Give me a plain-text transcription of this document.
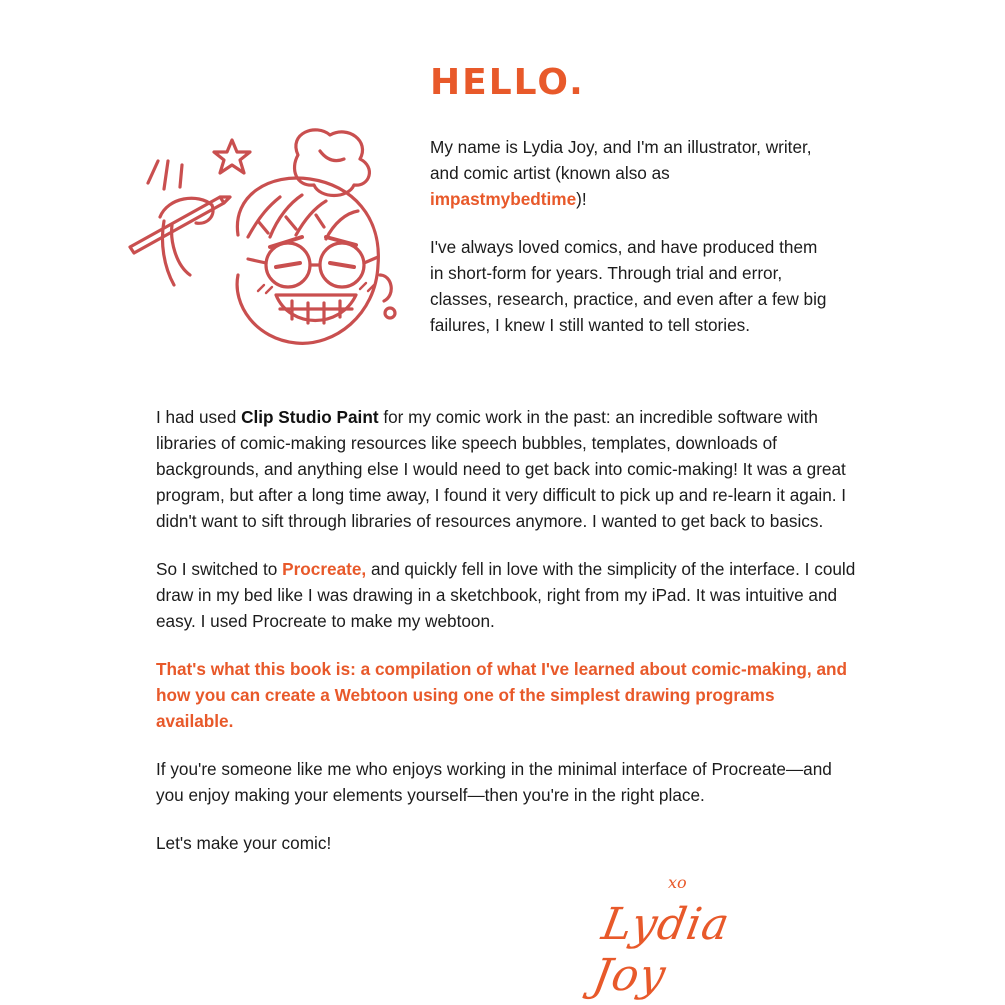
HELLO.

My name is Lydia Joy, and I'm an illustrator, writer, and comic artist (known also as impastmybedtime)!

I've always loved comics, and have produced them in short-form for years. Through trial and error, classes, research, practice, and even after a few big failures, I knew I still wanted to tell stories.

I had used Clip Studio Paint for my comic work in the past: an incredible software with libraries of comic-making resources like speech bubbles, templates, downloads of backgrounds, and anything else I would need to get back into comic-making! It was a great program, but after a long time away, I found it very difficult to pick up and re-learn it again. I didn't want to sift through libraries of resources anymore. I wanted to get back to basics.

So I switched to Procreate, and quickly fell in love with the simplicity of the interface. I could draw in my bed like I was drawing in a sketchbook, right from my iPad. It was intuitive and easy. I used Procreate to make my webtoon.

That's what this book is: a compilation of what I've learned about comic-making, and how you can create a Webtoon using one of the simplest drawing programs available.

If you're someone like me who enjoys working in the minimal interface of Procreate—and you enjoy making your elements yourself—then you're in the right place.

Let's make your comic!

xo
Lydia Joy
